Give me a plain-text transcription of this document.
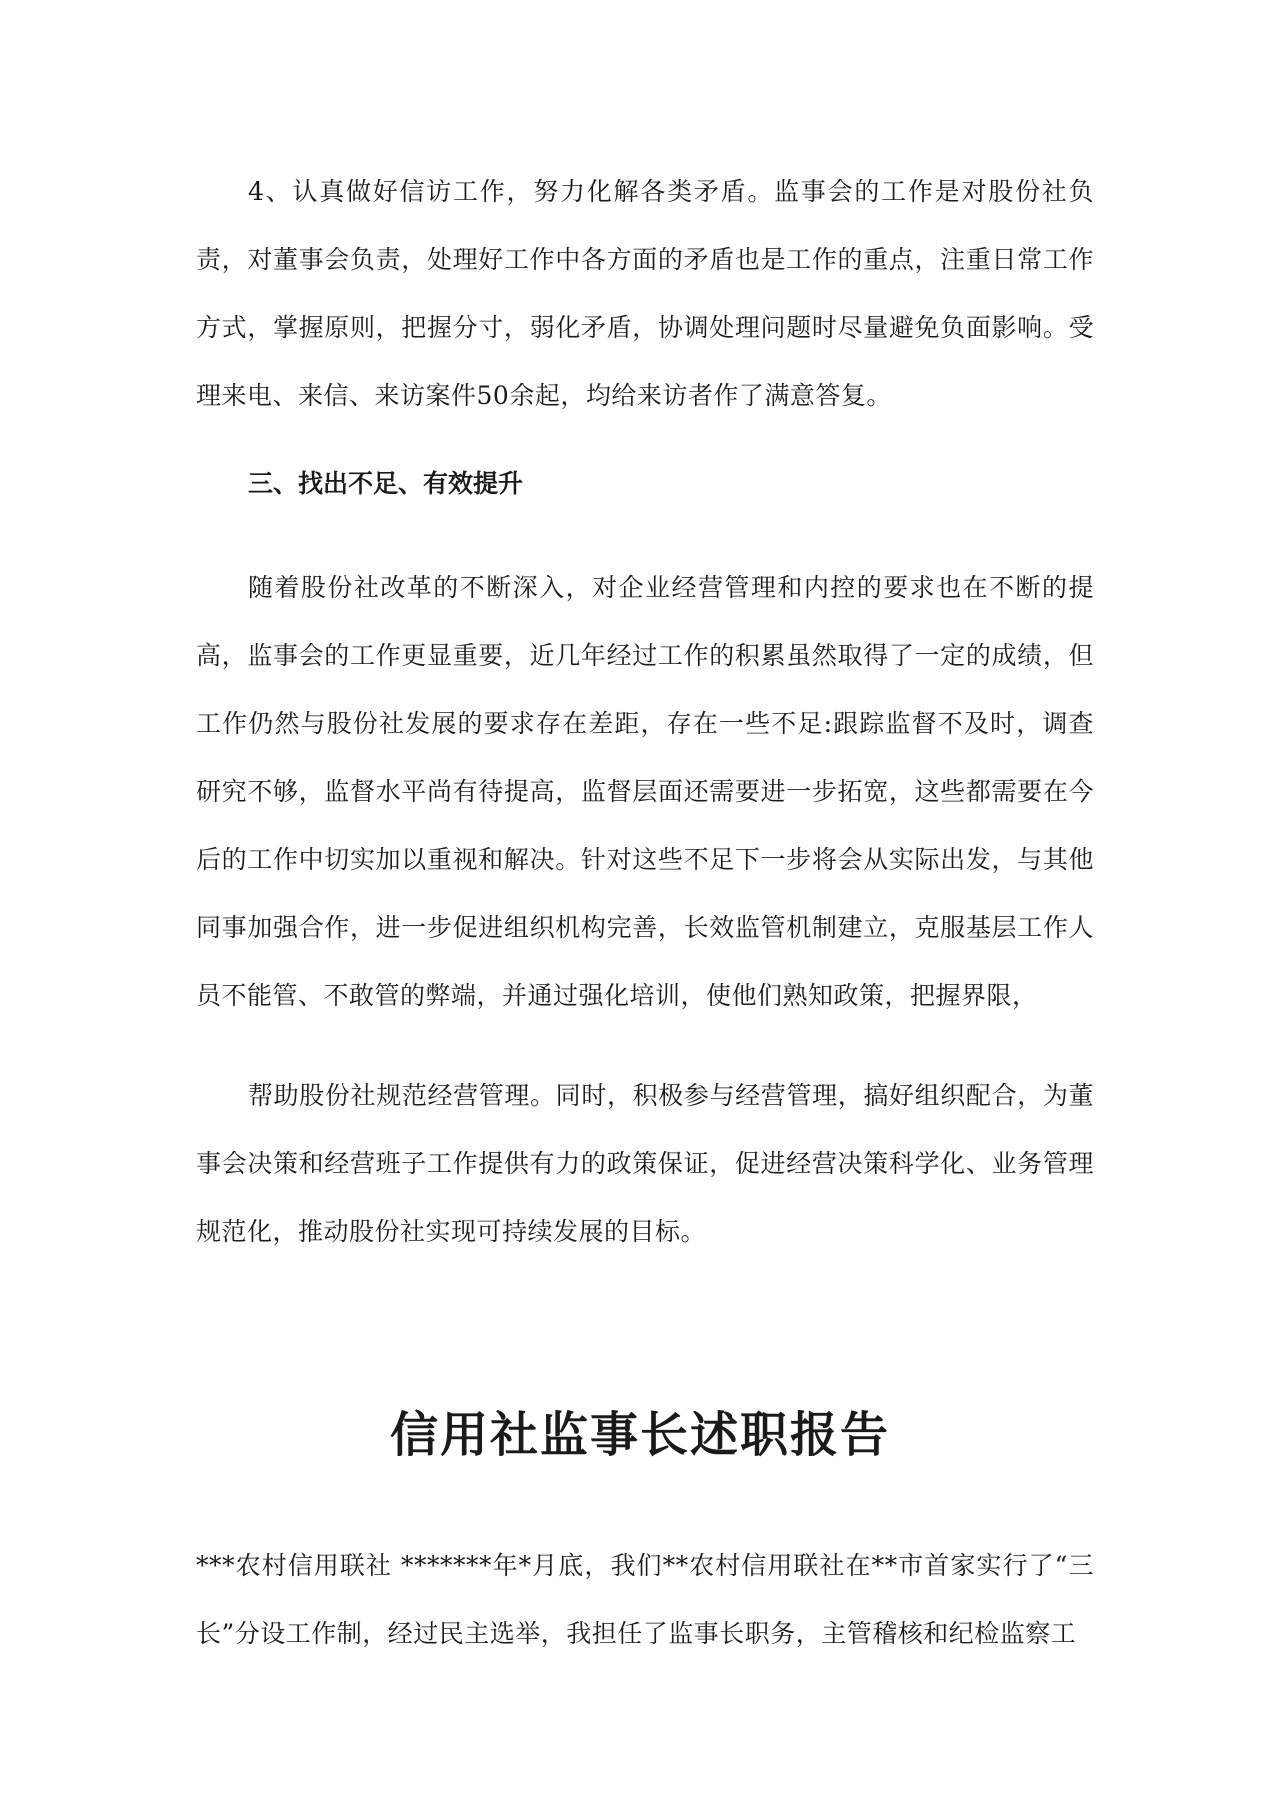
4、认真做好信访工作，努力化解各类矛盾。监事会的工作是对股份社负责，对董事会负责，处理好工作中各方面的矛盾也是工作的重点，注重日常工作方式，掌握原则，把握分寸，弱化矛盾，协调处理问题时尽量避免负面影响。受理来电、来信、来访案件50余起，均给来访者作了满意答复。

三、找出不足、有效提升

随着股份社改革的不断深入，对企业经营管理和内控的要求也在不断的提高，监事会的工作更显重要，近几年经过工作的积累虽然取得了一定的成绩，但工作仍然与股份社发展的要求存在差距，存在一些不足:跟踪监督不及时，调查研究不够，监督水平尚有待提高，监督层面还需要进一步拓宽，这些都需要在今后的工作中切实加以重视和解决。针对这些不足下一步将会从实际出发，与其他同事加强合作，进一步促进组织机构完善，长效监管机制建立，克服基层工作人员不能管、不敢管的弊端，并通过强化培训，使他们熟知政策，把握界限，

帮助股份社规范经营管理。同时，积极参与经营管理，搞好组织配合，为董事会决策和经营班子工作提供有力的政策保证，促进经营决策科学化、业务管理规范化，推动股份社实现可持续发展的目标。

信用社监事长述职报告

***农村信用联社 *******年*月底，我们**农村信用联社在**市首家实行了“三长”分设工作制，经过民主选举，我担任了监事长职务，主管稽核和纪检监察工
